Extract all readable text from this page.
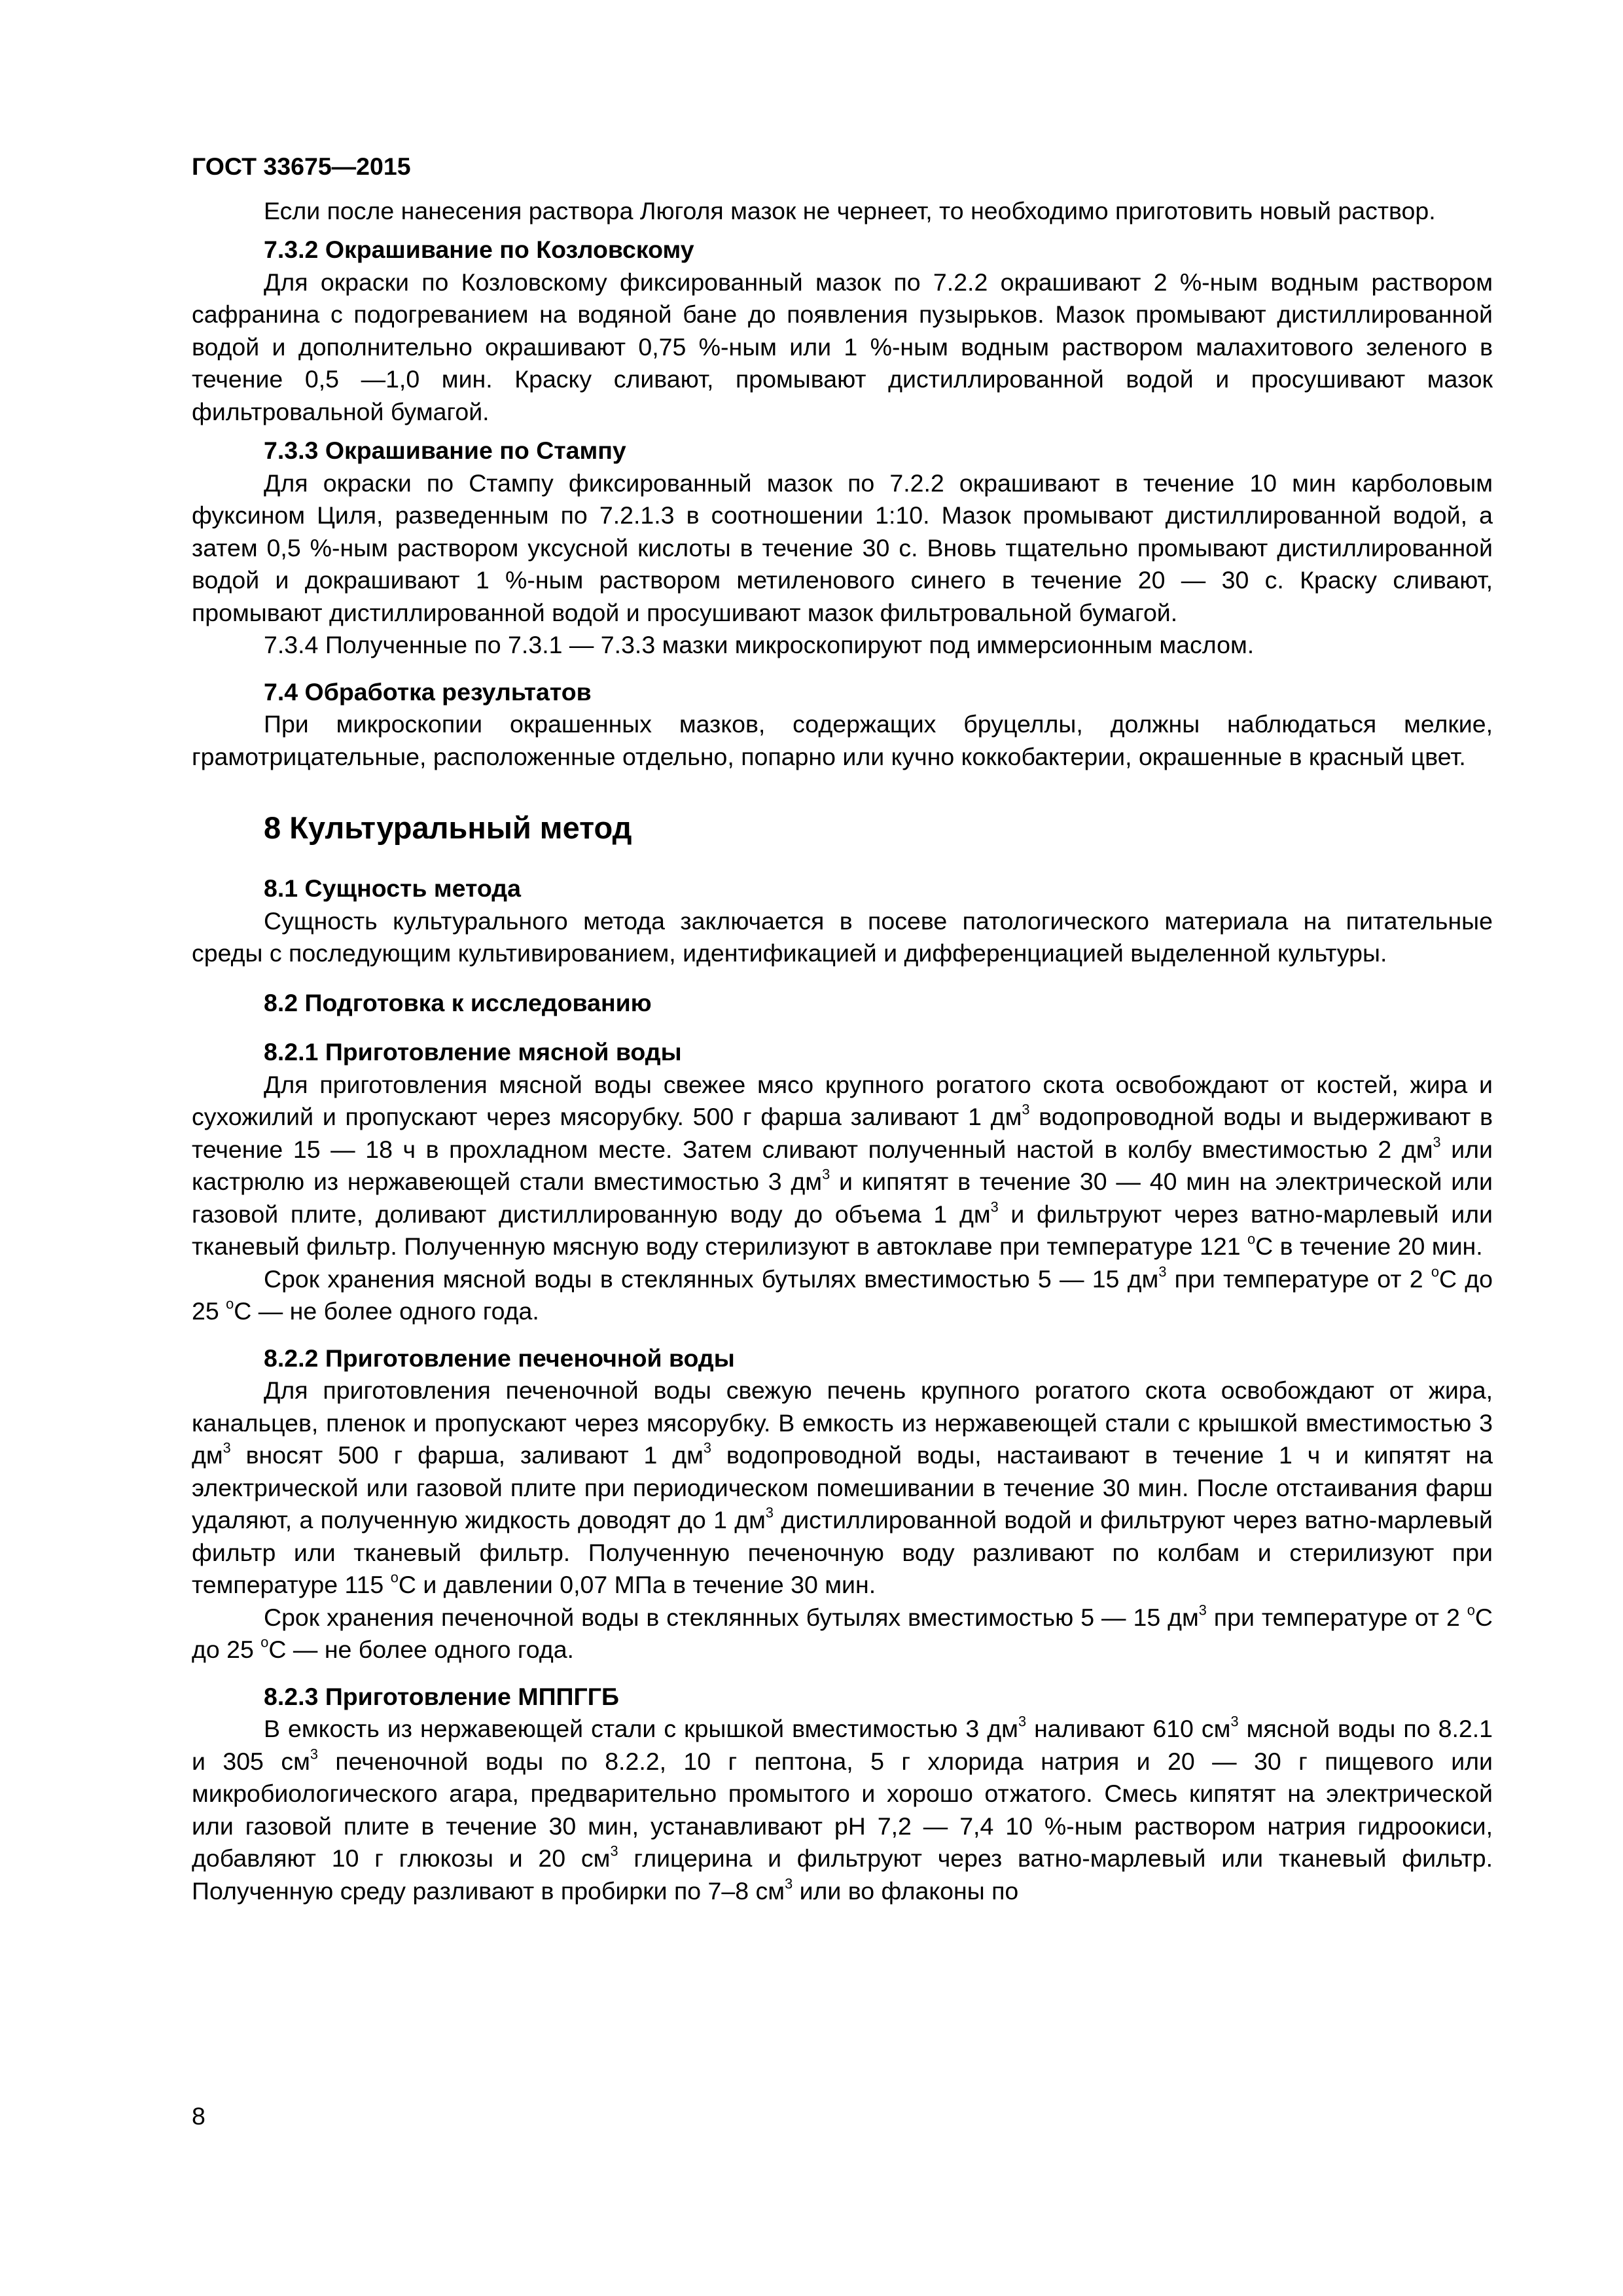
ГОСТ 33675—2015

Если после нанесения раствора Люголя мазок не чернеет, то необходимо приготовить новый раствор.

7.3.2 Окрашивание по Козловскому

Для окраски по Козловскому фиксированный мазок по 7.2.2 окрашивают 2 %-ным водным раствором сафранина с подогреванием на водяной бане до появления пузырьков. Мазок промывают дистиллированной водой и дополнительно окрашивают 0,75 %-ным или 1 %-ным водным раствором малахитового зеленого в течение 0,5 —1,0 мин. Краску сливают, промывают дистиллированной водой и просушивают мазок фильтровальной бумагой.

7.3.3 Окрашивание по Стампу

Для окраски по Стампу фиксированный мазок по 7.2.2 окрашивают в течение 10 мин карболовым фуксином Циля, разведенным по 7.2.1.3 в соотношении 1:10. Мазок промывают дистиллированной водой, а затем 0,5 %-ным раствором уксусной кислоты в течение 30 с. Вновь тщательно промывают дистиллированной водой и докрашивают 1 %-ным раствором метиленового синего в течение 20 — 30 с. Краску сливают, промывают дистиллированной водой и просушивают мазок фильтровальной бумагой.

7.3.4 Полученные по 7.3.1 — 7.3.3 мазки микроскопируют под иммерсионным маслом.

7.4 Обработка результатов

При микроскопии окрашенных мазков, содержащих бруцеллы, должны наблюдаться мелкие, грамотрицательные, расположенные отдельно, попарно или кучно коккобактерии, окрашенные в красный цвет.

8 Культуральный метод
8.1 Сущность метода

Сущность культурального метода заключается в посеве патологического материала на питательные среды с последующим культивированием, идентификацией и дифференциацией выделенной культуры.

8.2 Подготовка к исследованию
8.2.1 Приготовление мясной воды

Для приготовления мясной воды свежее мясо крупного рогатого скота освобождают от костей, жира и сухожилий и пропускают через мясорубку. 500 г фарша заливают 1 $дм^3$ водопроводной воды и выдерживают в течение 15 — 18 ч в прохладном месте. Затем сливают полученный настой в колбу вместимостью 2 $дм^3$ или кастрюлю из нержавеющей стали вместимостью 3 $дм^3$ и кипятят в течение 30 — 40 мин на электрической или газовой плите, доливают дистиллированную воду до объема 1 $дм^3$ и фильтруют через ватно-марлевый или тканевый фильтр. Полученную мясную воду стерилизуют в автоклаве при температуре 121 $^o$C в течение 20 мин.

Срок хранения мясной воды в стеклянных бутылях вместимостью 5 — 15 $дм^3$ при температуре от 2 $^o$C до 25 $^o$C — не более одного года.

8.2.2 Приготовление печеночной воды

Для приготовления печеночной воды свежую печень крупного рогатого скота освобождают от жира, канальцев, пленок и пропускают через мясорубку. В емкость из нержавеющей стали с крышкой вместимостью 3 $дм^3$ вносят 500 г фарша, заливают 1 $дм^3$ водопроводной воды, настаивают в течение 1 ч и кипятят на электрической или газовой плите при периодическом помешивании в течение 30 мин. После отстаивания фарш удаляют, а полученную жидкость доводят до 1 $дм^3$ дистиллированной водой и фильтруют через ватно-марлевый фильтр или тканевый фильтр. Полученную печеночную воду разливают по колбам и стерилизуют при температуре 115 $^o$C и давлении 0,07 МПа в течение 30 мин.

Срок хранения печеночной воды в стеклянных бутылях вместимостью 5 — 15 $дм^3$ при температуре от 2 $^o$C до 25 $^o$C — не более одного года.

8.2.3 Приготовление МППГГБ

В емкость из нержавеющей стали с крышкой вместимостью 3 $дм^3$ наливают 610 $см^3$ мясной воды по 8.2.1 и 305 $см^3$ печеночной воды по 8.2.2, 10 г пептона, 5 г хлорида натрия и 20 — 30 г пищевого или микробиологического агара, предварительно промытого и хорошо отжатого. Смесь кипятят на электрической или газовой плите в течение 30 мин, устанавливают pH 7,2 — 7,4 10 %-ным раствором натрия гидроокиси, добавляют 10 г глюкозы и 20 $см^3$ глицерина и фильтруют через ватно-марлевый или тканевый фильтр. Полученную среду разливают в пробирки по 7–8 $см^3$ или во флаконы по

8
